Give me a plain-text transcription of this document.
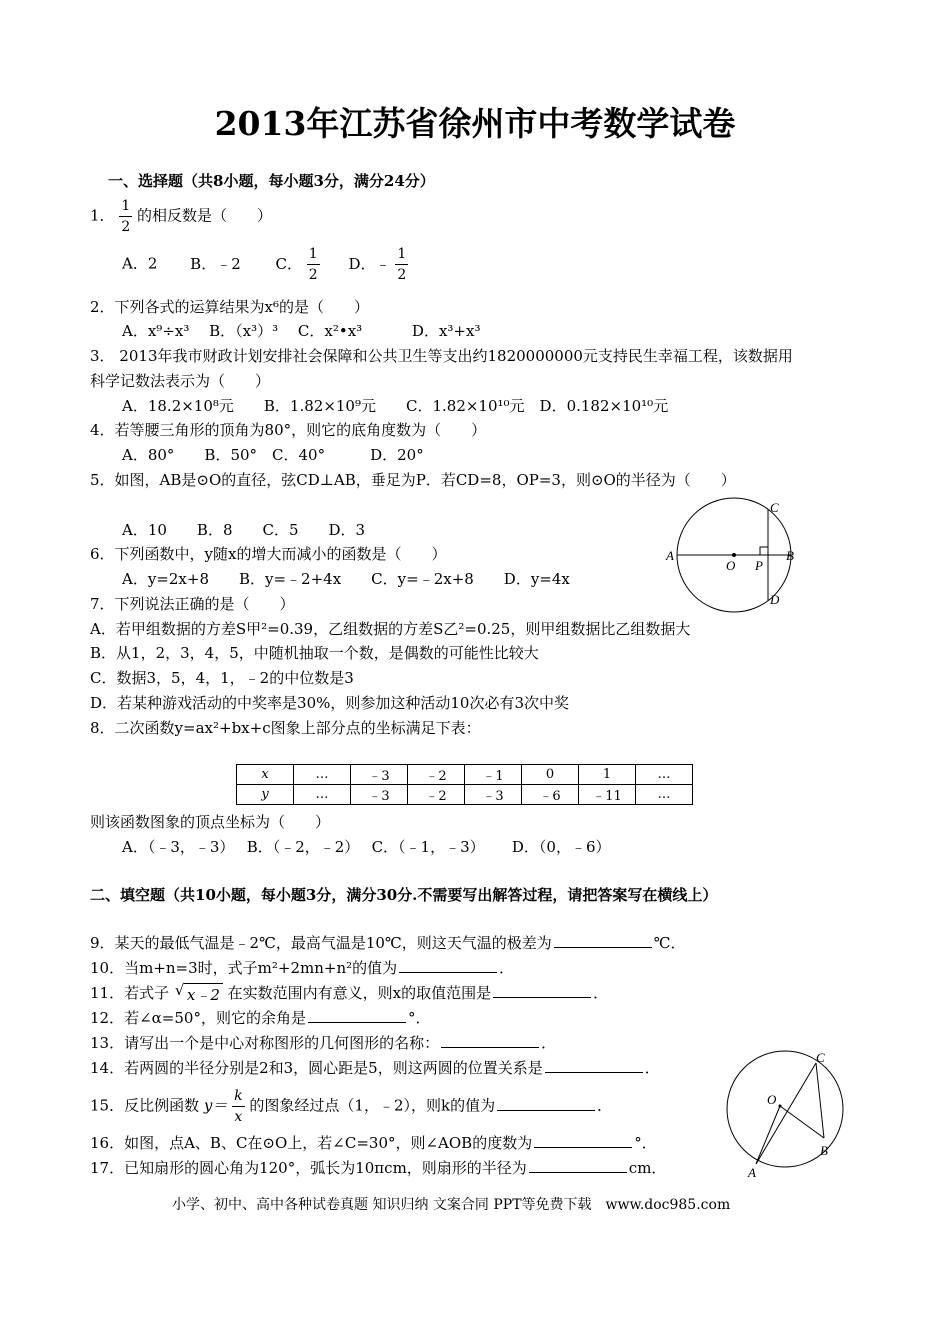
2013年江苏省徐州市中考数学试卷
一、选择题（共8小题，每小题3分，满分24分）
1． $\frac{1}{2}$ 的相反数是（　　）
A．2 B．﹣2 C． $\frac{1}{2}$ D．﹣ $\frac{1}{2}$
2．下列各式的运算结果为x⁶的是（　　）
A．x⁹÷x³　 B．（x³）³　 C．x²•x³　　　 D．x³+x³
3． 2013年我市财政计划安排社会保障和公共卫生等支出约1820000000元支持民生幸福工程，该数据用
科学记数法表示为（　　）
A．18.2×10⁸元　　B．1.82×10⁹元　　C．1.82×10¹⁰元　D．0.182×10¹⁰元
4．若等腰三角形的顶角为80°，则它的底角度数为（　　）
A．80°　　B．50°　C．40°　　　D．20°
5．如图，AB是⊙O的直径，弦CD⊥AB，垂足为P．若CD=8，OP=3，则⊙O的半径为（　　）
A．10　　B．8　　C．5　　D．3
A
O P
B
C
D
6．下列函数中，y随x的增大而减小的函数是（　　）
A．y=2x+8　　B．y=﹣2+4x　　C．y=﹣2x+8　　D．y=4x
7．下列说法正确的是（　　）
A．若甲组数据的方差S甲²=0.39，乙组数据的方差S乙²=0.25，则甲组数据比乙组数据大
B．从1，2，3，4，5，中随机抽取一个数，是偶数的可能性比较大
C．数据3，5，4，1，﹣2的中位数是3
D．若某种游戏活动的中奖率是30%，则参加这种活动10次必有3次中奖
8．二次函数y=ax²+bx+c图象上部分点的坐标满足下表：
x	…	﹣3	﹣2	﹣1	0	1	…
y	…	﹣3	﹣2	﹣3	﹣6	﹣11	…
则该函数图象的顶点坐标为（　　）
A．（﹣3，﹣3）　 B．（﹣2，﹣2）　 C．（﹣1，﹣3）　　 D．（0，﹣6）
二、填空题（共10小题，每小题3分，满分30分.不需要写出解答过程，请把答案写在横线上）
9．某天的最低气温是﹣2℃，最高气温是10℃，则这天气温的极差为	℃．
10．当m+n=3时，式子m²+2mn+n²的值为	．
11．若式子 x﹣2
√	在实数范围内有意义，则x的取值范围是	．
12．若∠α=50°，则它的余角是	°．
13．请写出一个是中心对称图形的几何图形的名称：	．
14．若两圆的半径分别是2和3，圆心距是5，则这两圆的位置关系是	．
15．反比例函数 $y= \frac{k}{x}$ 的图象经过点（1，﹣2），则k的值为	．
16．如图，点A、B、C在⊙O上，若∠C=30°，则∠AOB的度数为	°．
17．已知扇形的圆心角为120°，弧长为10πcm，则扇形的半径为	cm．
O
A
B
C
小学、初中、高中各种试卷真题 知识归纳 文案合同 PPT等免费下载　www.doc985.com
